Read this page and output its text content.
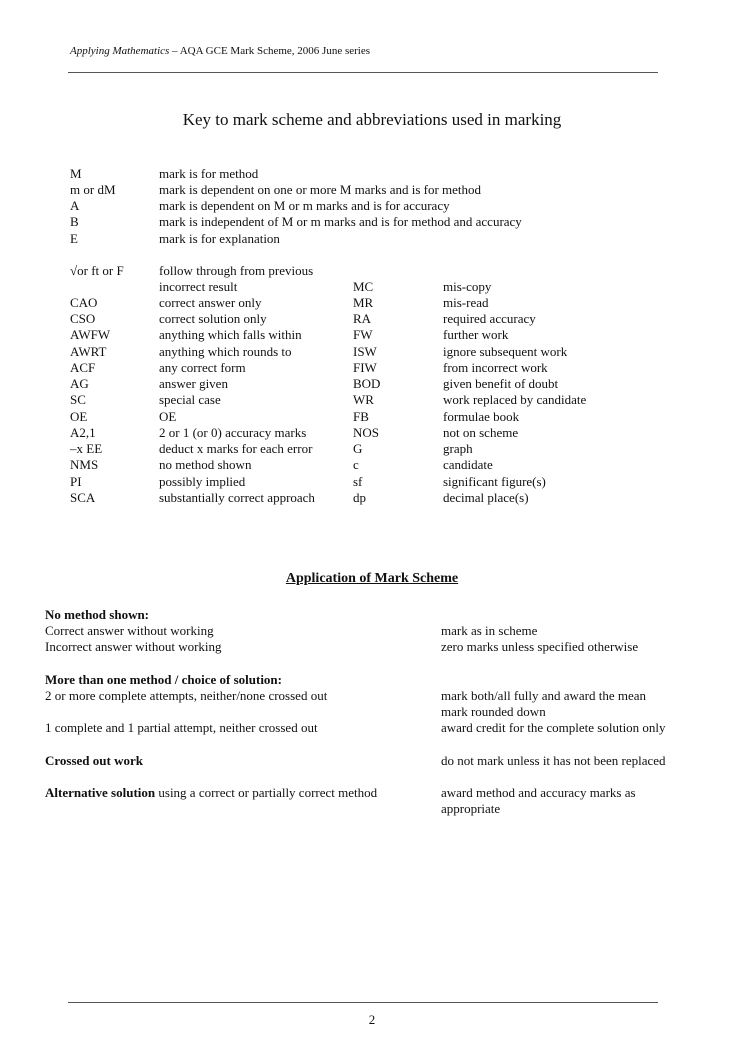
Applying Mathematics – AQA GCE Mark Scheme, 2006 June series
Key to mark scheme and abbreviations used in marking
M	mark is for method
m or dM	mark is dependent on one or more M marks and is for method
A	mark is dependent on M or m marks and is for accuracy
B	mark is independent of M or m marks and is for method and accuracy
E	mark is for explanation
√or ft or F	follow through from previous
incorrect result	MC	mis-copy
CAO	correct answer only	MR	mis-read
CSO	correct solution only	RA	required accuracy
AWFW	anything which falls within	FW	further work
AWRT	anything which rounds to	ISW	ignore subsequent work
ACF	any correct form	FIW	from incorrect work
AG	answer given	BOD	given benefit of doubt
SC	special case	WR	work replaced by candidate
OE	OE	FB	formulae book
A2,1	2 or 1 (or 0) accuracy marks	NOS	not on scheme
–x EE	deduct x marks for each error	G	graph
NMS	no method shown	c	candidate
PI	possibly implied	sf	significant figure(s)
SCA	substantially correct approach	dp	decimal place(s)
Application of Mark Scheme
No method shown:
Correct answer without working	mark as in scheme
Incorrect answer without working	zero marks unless specified otherwise
More than one method / choice of solution:
2 or more complete attempts, neither/none crossed out	mark both/all fully and award the mean
mark rounded down
1 complete and 1 partial attempt, neither crossed out	award credit for the complete solution only
Crossed out work	do not mark unless it has not been replaced
Alternative solution using a correct or partially correct method	award method and accuracy marks as
appropriate
2
